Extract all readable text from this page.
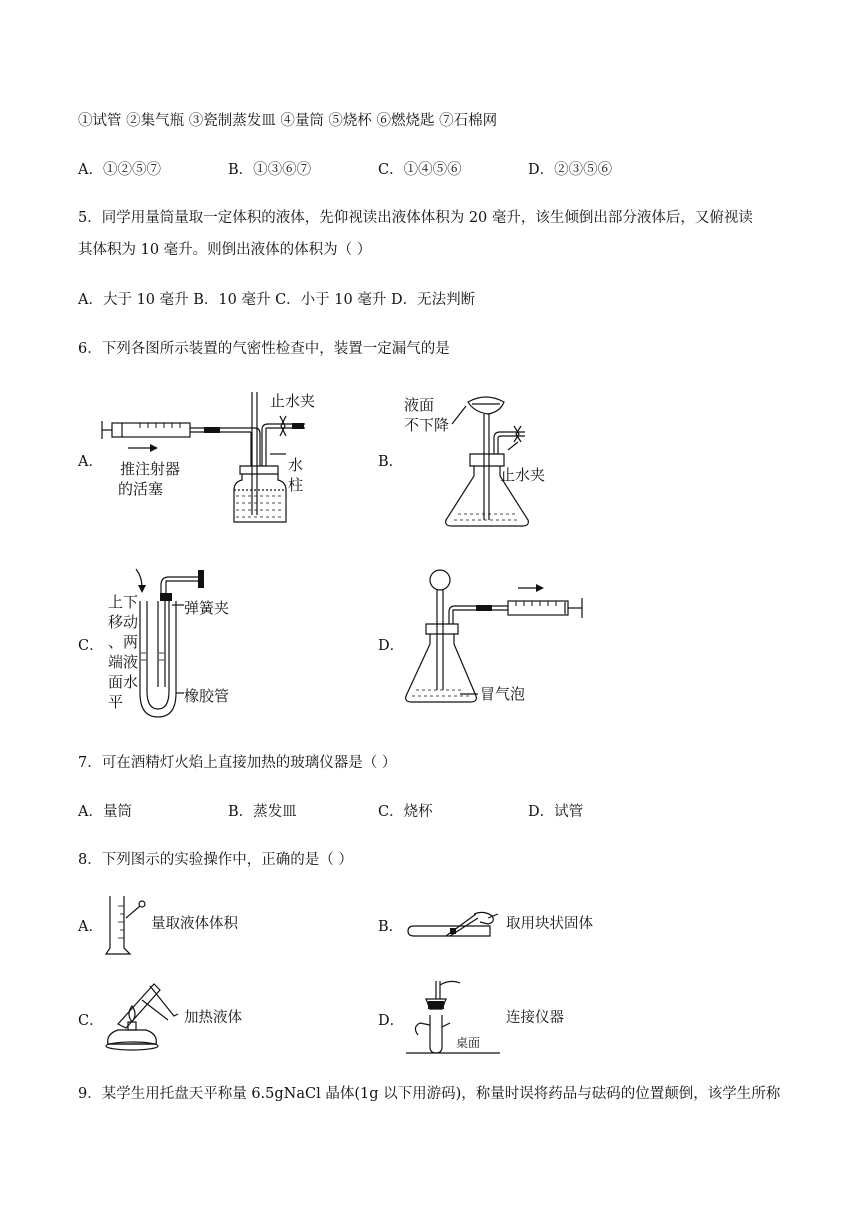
①试管 ②集气瓶 ③瓷制蒸发皿 ④量筒 ⑤烧杯 ⑥燃烧匙 ⑦石棉网
A．①②⑤⑦	B．①③⑥⑦	C．①④⑤⑥	D．②③⑤⑥
5．同学用量筒量取一定体积的液体，先仰视读出液体体积为 20 毫升，该生倾倒出部分液体后，又俯视读
其体积为 10 毫升。则倒出液体的体积为（ ）
A．大于 10 毫升 B．10 毫升 C．小于 10 毫升 D．无法判断
6．下列各图所示装置的气密性检查中，装置一定漏气的是
A．	B．
C．	D．
止水夹
推注射器
的活塞
水
柱
液面
不下降
止水夹
上下
移动
、两
端液
面水
平
弹簧夹
橡胶管	冒气泡
7．可在酒精灯火焰上直接加热的玻璃仪器是（ ）
A．量筒	B．蒸发皿	C．烧杯	D．试管
8．下列图示的实验操作中，正确的是（ ）
A．	B．
C．	D．
量取液体体积	取用块状固体
加热液体	连接仪器
桌面
9．某学生用托盘天平称量 6.5gNaCl 晶体(1g 以下用游码)，称量时误将药品与砝码的位置颠倒，该学生所称
